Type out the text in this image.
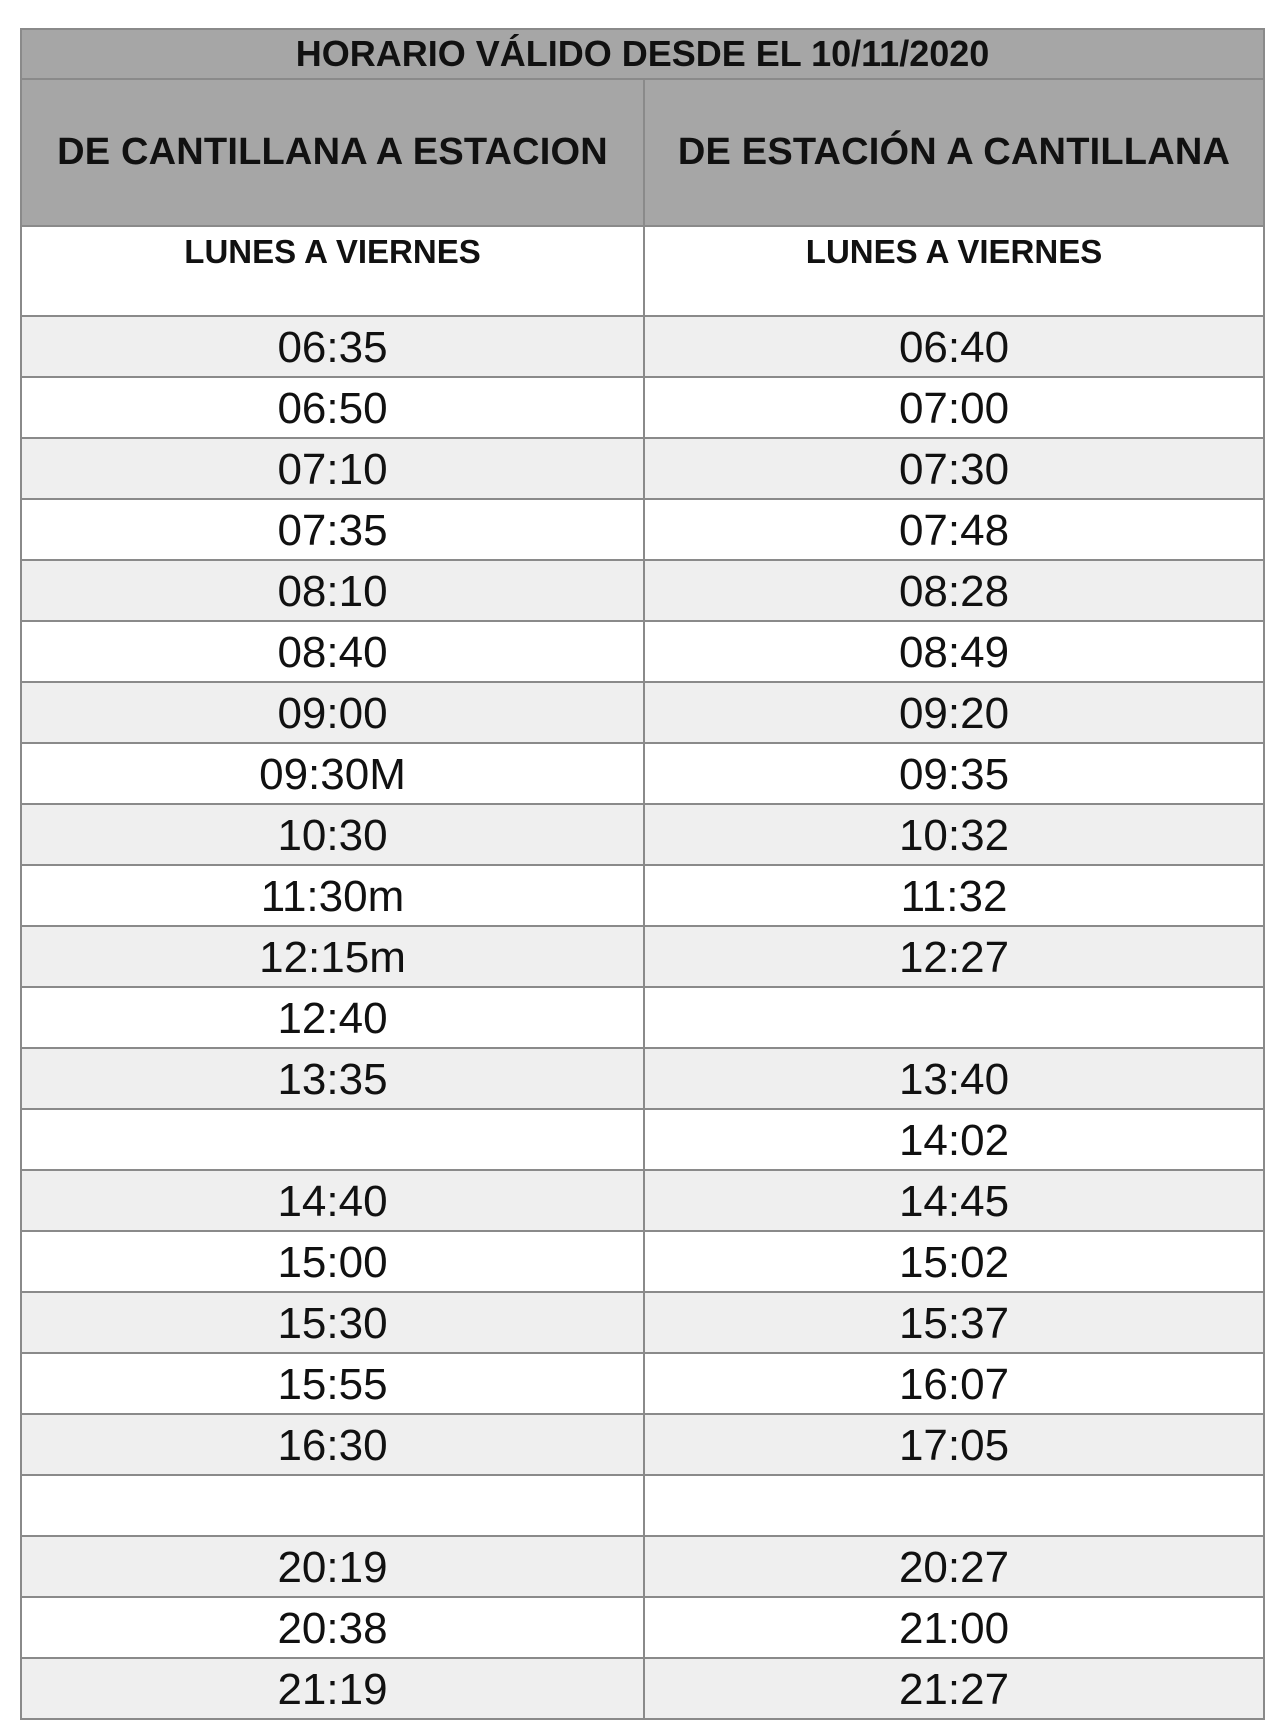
HORARIO VÁLIDO DESDE EL 10/11/2020	
DE CANTILLANA A ESTACION	DE ESTACIÓN A CANTILLANA
LUNES A VIERNES	LUNES A VIERNES
06:35	06:40
06:50	07:00
07:10	07:30
07:35	07:48
08:10	08:28
08:40	08:49
09:00	09:20
09:30M	09:35
10:30	10:32
11:30m	11:32
12:15m	12:27
12:40	
13:35	13:40
	14:02
14:40	14:45
15:00	15:02
15:30	15:37
15:55	16:07
16:30	17:05

20:19	20:27
20:38	21:00
21:19	21:27
